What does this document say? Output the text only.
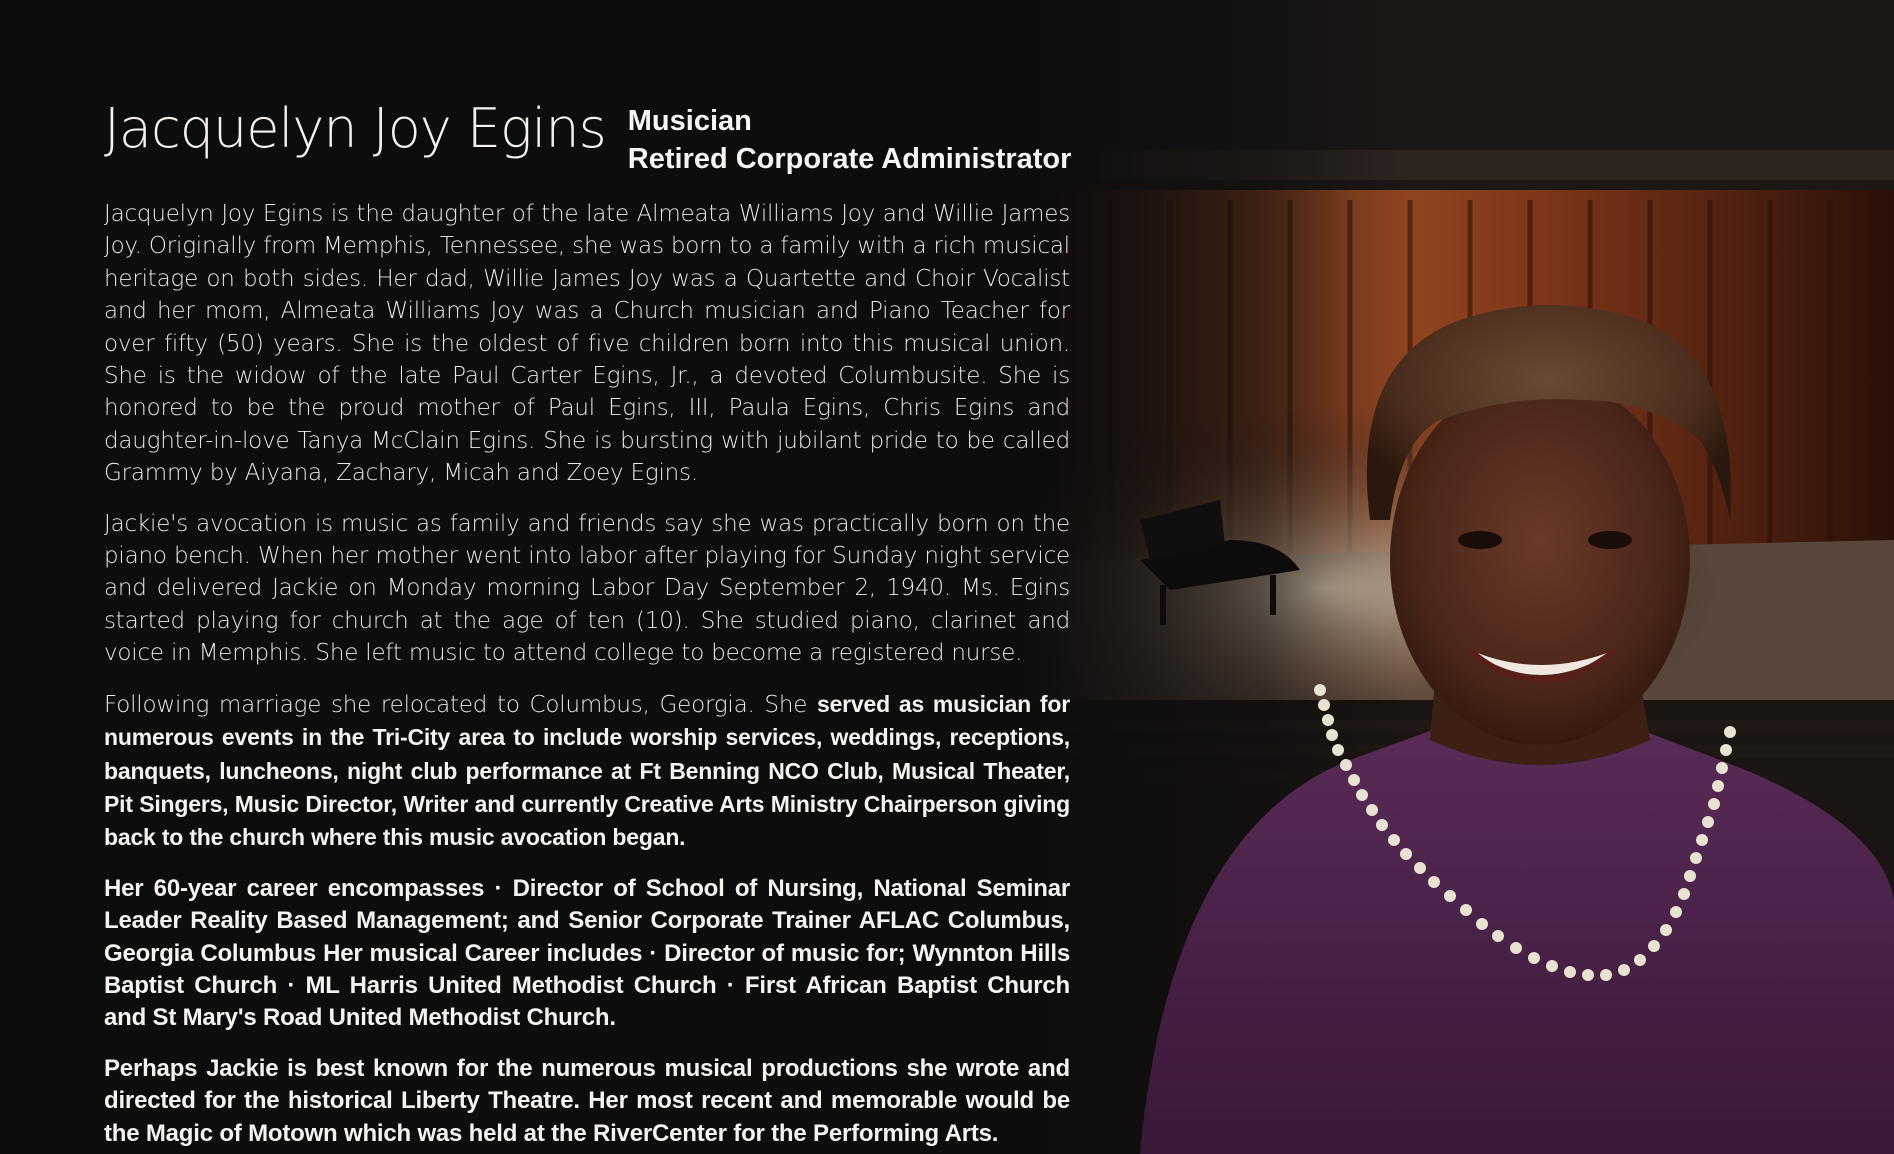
Jacquelyn Joy Egins Musician
Retired Corporate Administrator

Jacquelyn Joy Egins is the daughter of the late Almeata Williams Joy and Willie James Joy. Originally from Memphis, Tennessee, she was born to a family with a rich musical heritage on both sides. Her dad, Willie James Joy was a Quartette and Choir Vocalist and her mom, Almeata Williams Joy was a Church musician and Piano Teacher for over fifty (50) years. She is the oldest of five children born into this musical union. She is the widow of the late Paul Carter Egins, Jr., a devoted Columbusite. She is honored to be the proud mother of Paul Egins, III, Paula Egins, Chris Egins and daughter-in-love Tanya McClain Egins. She is bursting with jubilant pride to be called Grammy by Aiyana, Zachary, Micah and Zoey Egins.

Jackie's avocation is music as family and friends say she was practically born on the piano bench. When her mother went into labor after playing for Sunday night service and delivered Jackie on Monday morning Labor Day September 2, 1940. Ms. Egins started playing for church at the age of ten (10). She studied piano, clarinet and voice in Memphis. She left music to attend college to become a registered nurse.

Following marriage she relocated to Columbus, Georgia. She served as musician for numerous events in the Tri-City area to include worship services, weddings, receptions, banquets, luncheons, night club performance at Ft Benning NCO Club, Musical Theater, Pit Singers, Music Director, Writer and currently Creative Arts Ministry Chairperson giving back to the church where this music avocation began.

Her 60-year career encompasses · Director of School of Nursing, National Seminar Leader Reality Based Management; and Senior Corporate Trainer AFLAC Columbus, Georgia Columbus Her musical Career includes · Director of music for; Wynnton Hills Baptist Church · ML Harris United Methodist Church · First African Baptist Church and St Mary's Road United Methodist Church.

Perhaps Jackie is best known for the numerous musical productions she wrote and directed for the historical Liberty Theatre. Her most recent and memorable would be the Magic of Motown which was held at the RiverCenter for the Performing Arts.
